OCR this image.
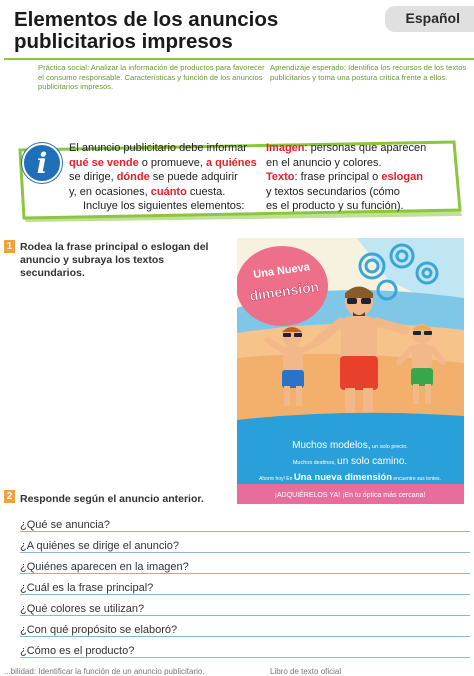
Elementos de los anuncios
publicitarios impresos
Español
Práctica social: Analizar la información de productos para favorecer el consumo responsable. Características y función de los anuncios publicitarios impresos.
Aprendizaje esperado: Identifica los recursos de los textos publicitarios y toma una postura crítica frente a ellos.
i	El anuncio publicitario debe informar
qué se vende o promueve, a quiénes
se dirige, dónde se puede adquirir
y, en ocasiones, cuánto cuesta.
Incluye los siguientes elementos:
Imagen: personas que aparecen
en el anuncio y colores.
Texto: frase principal o eslogan
y textos secundarios (cómo
es el producto y su función).
1 Rodea la frase principal o eslogan del anuncio y subraya los textos secundarios.	Una Nueva
dimensión
Muchos modelos, un solo precio.
Muchos destinos, un solo camino.
Ahorre hoy! En Una nueva dimensión encuentre sus lentes.
¡ADQUIÉRELOS YA! ¡En tu óptica más cercana!
2 Responde según el anuncio anterior.
¿Qué se anuncia?
¿A quiénes se dirige el anuncio?
¿Quiénes aparecen en la imagen?
¿Cuál es la frase principal?
¿Qué colores se utilizan?
¿Con qué propósito se elaboró?
¿Cómo es el producto?
...bilidad: Identificar la función de un anuncio publicitario.	Libro de texto oficial
